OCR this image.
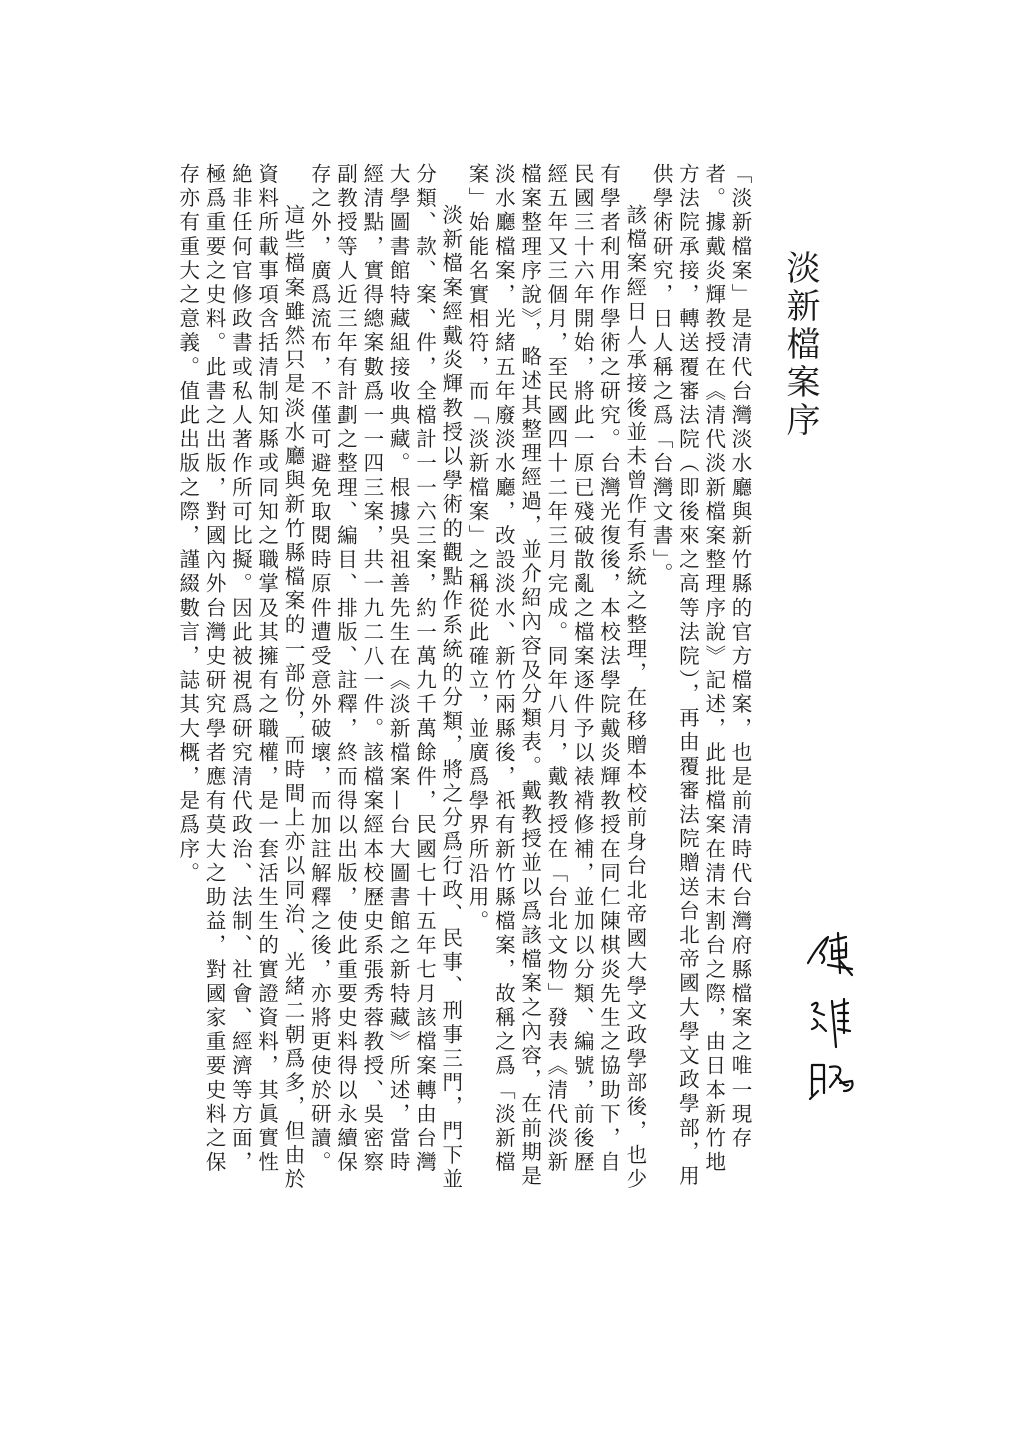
淡新檔案序

「淡新檔案」是清代台灣淡水廳與新竹縣的官方檔案，也是前清時代台灣府縣檔案之唯一現存者。據戴炎輝教授在《清代淡新檔案整理序說》記述，此批檔案在清末割台之際，由日本新竹地方法院承接，轉送覆審法院（即後來之高等法院），再由覆審法院贈送台北帝國大學文政學部，用供學術研究，日人稱之爲「台灣文書」。

該檔案經日人承接後並未曾作有系統之整理，在移贈本校前身台北帝國大學文政學部後，也少有學者利用作學術之研究。台灣光復後，本校法學院戴炎輝教授在同仁陳棋炎先生之協助下，自民國三十六年開始，將此一原已殘破散亂之檔案逐件予以裱褙修補，並加以分類、編號，前後歷經五年又三個月，至民國四十二年三月完成。同年八月，戴教授在「台北文物」發表《清代淡新檔案整理序說》，略述其整理經過，並介紹內容及分類表。戴教授並以爲該檔案之內容，在前期是淡水廳檔案，光緒五年廢淡水廳，改設淡水、新竹兩縣後，祇有新竹縣檔案，故稱之爲「淡新檔案」始能名實相符，而「淡新檔案」之稱從此確立，並廣爲學界所沿用。

淡新檔案經戴炎輝教授以學術的觀點作系統的分類，將之分爲行政、民事、刑事三門，門下並分類、款、案、件，全檔計一一六三案，約一萬九千萬餘件，民國七十五年七月該檔案轉由台灣大學圖書館特藏組接收典藏。根據吳祖善先生在《淡新檔案—台大圖書館之新特藏》所述，當時經清點，實得總案數爲一一四三案，共一九二八一件。該檔案經本校歷史系張秀蓉教授、吳密察副教授等人近三年有計劃之整理、編目、排版、註釋，終而得以出版，使此重要史料得以永續保存之外，廣爲流布，不僅可避免取閱時原件遭受意外破壞，而加註解釋之後，亦將更使於研讀。

這些檔案雖然只是淡水廳與新竹縣檔案的一部份，而時間上亦以同治、光緒二朝爲多，但由於資料所載事項含括清制知縣或同知之職掌及其擁有之職權，是一套活生生的實證資料，其眞實性絶非任何官修政書或私人著作所可比擬。因此被視爲研究清代政治、法制、社會、經濟等方面，極爲重要之史料。此書之出版，對國內外台灣史研究學者應有莫大之助益，對國家重要史料之保存亦有重大之意義。值此出版之際，謹綴數言，誌其大概，是爲序。
